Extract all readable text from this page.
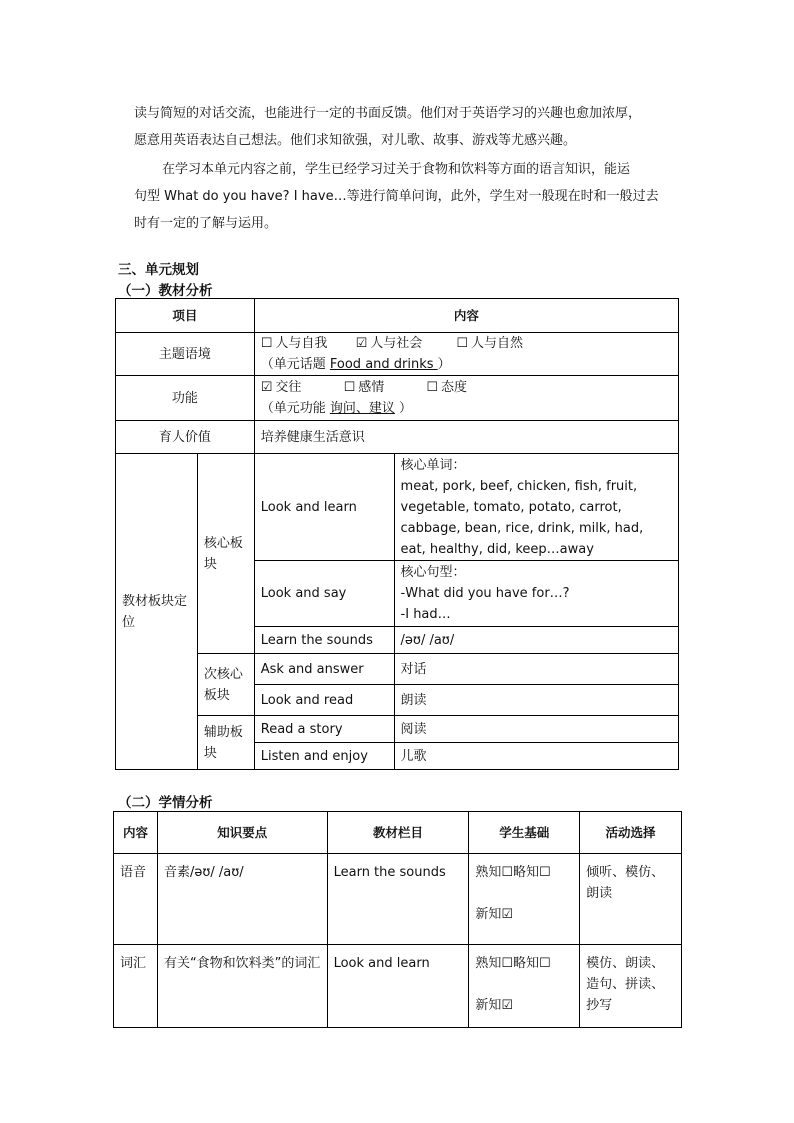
读与简短的对话交流，也能进行一定的书面反馈。他们对于英语学习的兴趣也愈加浓厚，
愿意用英语表达自己想法。他们求知欲强，对儿歌、故事、游戏等尤感兴趣。

在学习本单元内容之前，学生已经学习过关于食物和饮料等方面的语言知识，能运
句型 What do you have? I have…等进行简单问询，此外，学生对一般现在时和一般过去
时有一定的了解与运用。

三、单元规划

（一）教材分析

项目		内容	
主题语境		☐ 人与自我 ☑ 人与社会 ☐ 人与自然
（单元话题 Food and drinks ）	
功能		☑ 交往 ☐ 感情 ☐ 态度
（单元功能 询问、建议 ）	
育人价值		培养健康生活意识	
教材板块定位	核心板块	Look and learn	核心单词：
meat, pork, beef, chicken, fish, fruit, vegetable, tomato, potato, carrot, cabbage, bean, rice, drink, milk, had, eat, healthy, did, keep…away
		Look and say	核心句型：
-What did you have for…?
-I had…
		Learn the sounds	/əʊ/ /aʊ/
	次核心板块	Ask and answer	对话
		Look and read	朗读
	辅助板块	Read a story	阅读
		Listen and enjoy	儿歌

（二）学情分析

内容	知识要点	教材栏目	学生基础	活动选择
语音	音素/əʊ/ /aʊ/	Learn the sounds	熟知☐略知☐

新知☑	倾听、模仿、朗读
词汇	有关“食物和饮料类”的词汇	Look and learn	熟知☐略知☐

新知☑	模仿、朗读、造句、拼读、抄写
